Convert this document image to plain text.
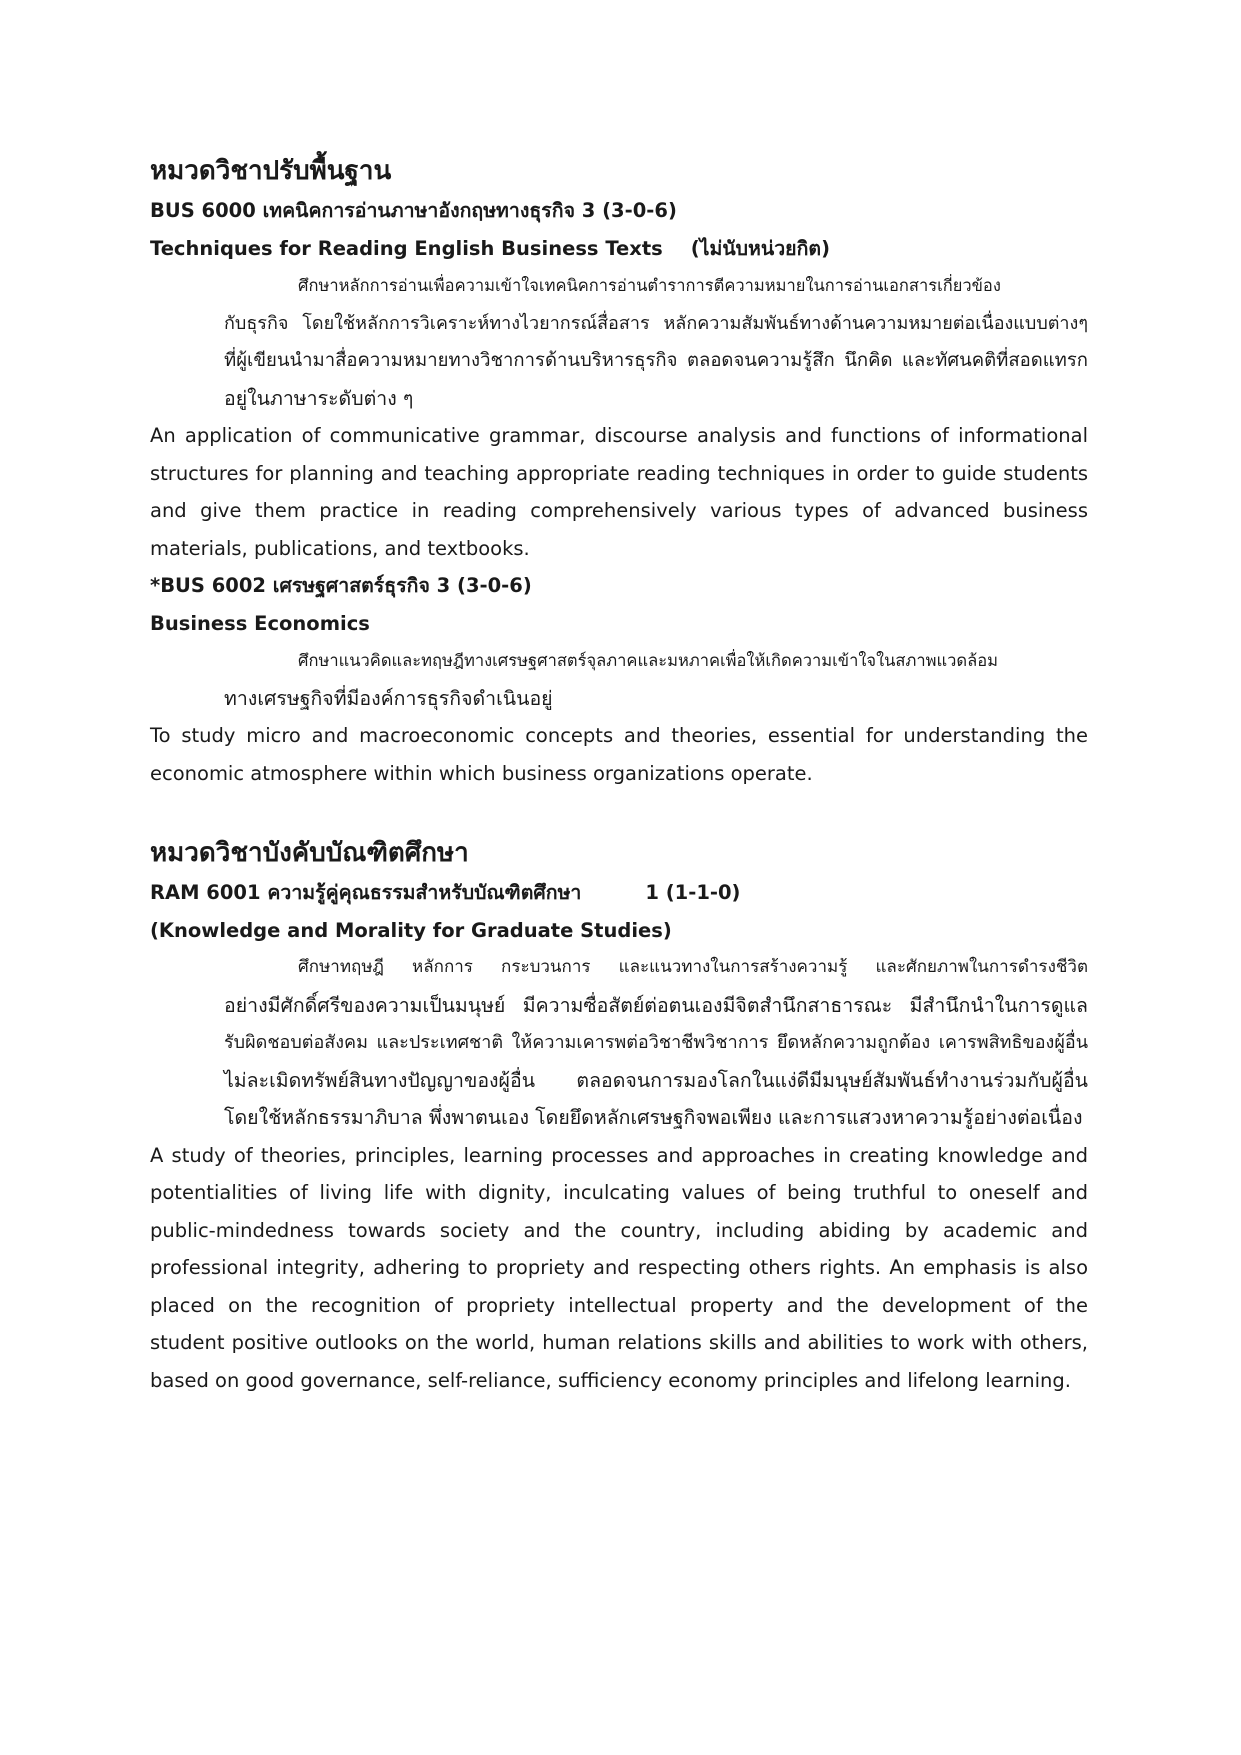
หมวดวิชาปรับพื้นฐาน
BUS 6000 เทคนิคการอ่านภาษาอังกฤษทางธุรกิจ 3 (3-0-6)
Techniques for Reading English Business Texts (ไม่นับหน่วยกิต)
ศึกษาหลักการอ่านเพื่อความเข้าใจเทคนิคการอ่านตำราการตีความหมายในการอ่านเอกสารเกี่ยวข้อง
กับธุรกิจ โดยใช้หลักการวิเคราะห์ทางไวยากรณ์สื่อสาร หลักความสัมพันธ์ทางด้านความหมายต่อเนื่องแบบต่างๆ
ที่ผู้เขียนนำมาสื่อความหมายทางวิชาการด้านบริหารธุรกิจ ตลอดจนความรู้สึก นึกคิด และทัศนคติที่สอดแทรก
อยู่ในภาษาระดับต่าง ๆ
An application of communicative grammar, discourse analysis and functions of informational
structures for planning and teaching appropriate reading techniques in order to guide students
and give them practice in reading comprehensively various types of advanced business
materials, publications, and textbooks.
*BUS 6002 เศรษฐศาสตร์ธุรกิจ 3 (3-0-6)
Business Economics
ศึกษาแนวคิดและทฤษฎีทางเศรษฐศาสตร์จุลภาคและมหภาคเพื่อให้เกิดความเข้าใจในสภาพแวดล้อม
ทางเศรษฐกิจที่มีองค์การธุรกิจดำเนินอยู่
To study micro and macroeconomic concepts and theories, essential for understanding the
economic atmosphere within which business organizations operate.
หมวดวิชาบังคับบัณฑิตศึกษา
RAM 6001 ความรู้คู่คุณธรรมสำหรับบัณฑิตศึกษา	1 (1-1-0)
(Knowledge and Morality for Graduate Studies)
ศึกษาทฤษฎี หลักการ กระบวนการ และแนวทางในการสร้างความรู้ และศักยภาพในการดำรงชีวิต
อย่างมีศักดิ์ศรีของความเป็นมนุษย์ มีความซื่อสัตย์ต่อตนเองมีจิตสำนึกสาธารณะ มีสำนึกนำในการดูแล
รับผิดชอบต่อสังคม และประเทศชาติ ให้ความเคารพต่อวิชาชีพวิชาการ ยึดหลักความถูกต้อง เคารพสิทธิของผู้อื่น
ไม่ละเมิดทรัพย์สินทางปัญญาของผู้อื่น ตลอดจนการมองโลกในแง่ดีมีมนุษย์สัมพันธ์ทำงานร่วมกับผู้อื่น
โดยใช้หลักธรรมาภิบาล พึ่งพาตนเอง โดยยึดหลักเศรษฐกิจพอเพียง และการแสวงหาความรู้อย่างต่อเนื่อง
A study of theories, principles, learning processes and approaches in creating knowledge and
potentialities of living life with dignity, inculcating values of being truthful to oneself and
public-mindedness towards society and the country, including abiding by academic and
professional integrity, adhering to propriety and respecting others rights. An emphasis is also
placed on the recognition of propriety intellectual property and the development of the
student positive outlooks on the world, human relations skills and abilities to work with others,
based on good governance, self-reliance, sufficiency economy principles and lifelong learning.
